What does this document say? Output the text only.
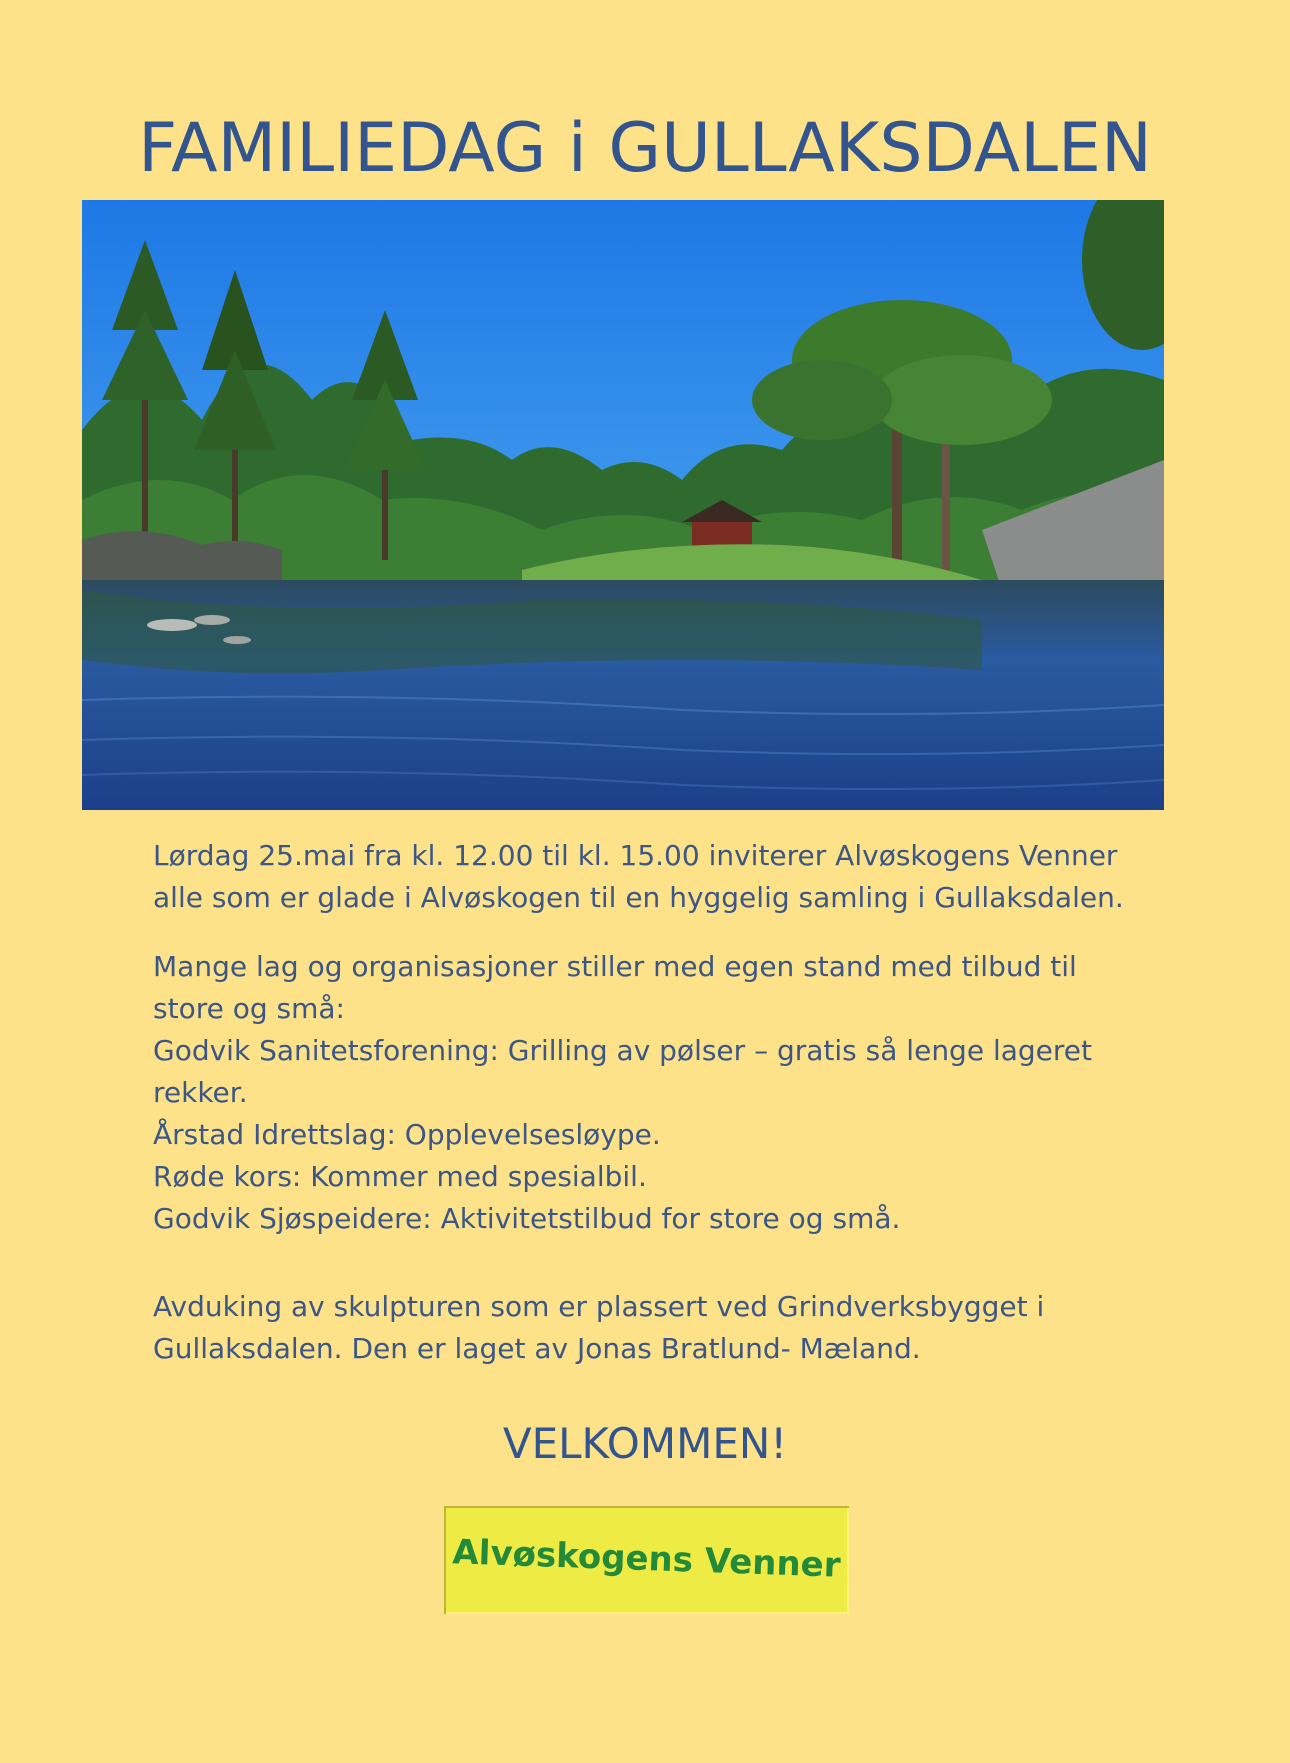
FAMILIEDAG i GULLAKSDALEN

Lørdag 25.mai fra kl. 12.00 til kl. 15.00 inviterer Alvøskogens Venner

alle som er glade i Alvøskogen til en hyggelig samling i Gullaksdalen.

Mange lag og organisasjoner stiller med egen stand med tilbud til

store og små:

Godvik Sanitetsforening: Grilling av pølser – gratis så lenge lageret

rekker.

Årstad Idrettslag: Opplevelsesløype.

Røde kors: Kommer med spesialbil.

Godvik Sjøspeidere: Aktivitetstilbud for store og små.

Avduking av skulpturen som er plassert ved Grindverksbygget i

Gullaksdalen. Den er laget av Jonas Bratlund- Mæland.

VELKOMMEN!
Alvøskogens Venner
